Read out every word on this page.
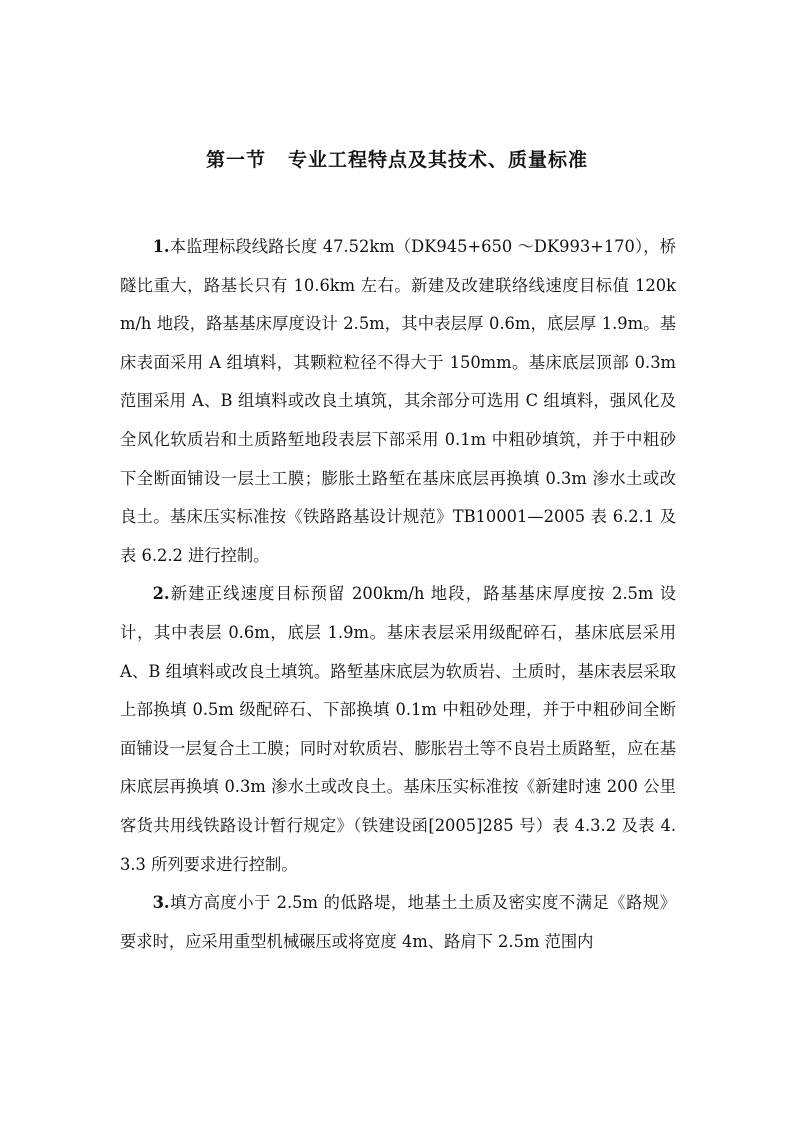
第一节 专业工程特点及其技术、质量标准

1.本监理标段线路长度 47.52km（DK945+650 ～DK993+170），桥隧比重大，路基长只有 10.6km 左右。新建及改建联络线速度目标值 120km/h 地段，路基基床厚度设计 2.5m，其中表层厚 0.6m，底层厚 1.9m。基床表面采用 A 组填料，其颗粒粒径不得大于 150mm。基床底层顶部 0.3m 范围采用 A、B 组填料或改良土填筑，其余部分可选用 C 组填料，强风化及全风化软质岩和土质路堑地段表层下部采用 0.1m 中粗砂填筑，并于中粗砂下全断面铺设一层土工膜；膨胀土路堑在基床底层再换填 0.3m 渗水土或改良土。基床压实标准按《铁路路基设计规范》TB10001—2005 表 6.2.1 及表 6.2.2 进行控制。

2.新建正线速度目标预留 200km/h 地段，路基基床厚度按 2.5m 设计，其中表层 0.6m，底层 1.9m。基床表层采用级配碎石，基床底层采用 A、B 组填料或改良土填筑。路堑基床底层为软质岩、土质时，基床表层采取上部换填 0.5m 级配碎石、下部换填 0.1m 中粗砂处理，并于中粗砂间全断面铺设一层复合土工膜；同时对软质岩、膨胀岩土等不良岩土质路堑，应在基床底层再换填 0.3m 渗水土或改良土。基床压实标准按《新建时速 200 公里客货共用线铁路设计暂行规定》（铁建设函[2005]285 号）表 4.3.2 及表 4.3.3 所列要求进行控制。

3.填方高度小于 2.5m 的低路堤，地基土土质及密实度不满足《路规》要求时，应采用重型机械碾压或将宽度 4m、路肩下 2.5m 范围内
